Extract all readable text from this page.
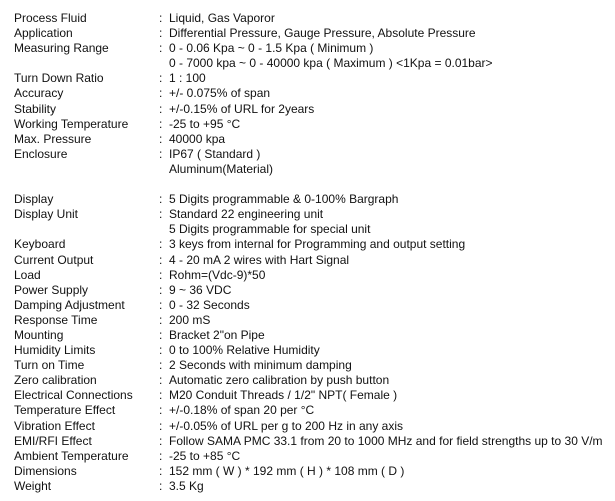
Process Fluid	: Liquid, Gas Vaporor
Application	: Differential Pressure, Gauge Pressure, Absolute Pressure
Measuring Range	: 0 - 0.06 Kpa ~ 0 - 1.5 Kpa ( Minimum )
0 - 7000 kpa ~ 0 - 40000 kpa ( Maximum ) <1Kpa = 0.01bar>
Turn Down Ratio	: 1 : 100
Accuracy	: +/- 0.075% of span
Stability	: +/-0.15% of URL for 2years
Working Temperature	: -25 to +95 °C
Max. Pressure	: 40000 kpa
Enclosure	: IP67 ( Standard )
Aluminum(Material)
Display	: 5 Digits programmable & 0-100% Bargraph
Display Unit	: Standard 22 engineering unit
5 Digits programmable for special unit
Keyboard	: 3 keys from internal for Programming and output setting
Current Output	: 4 - 20 mA 2 wires with Hart Signal
Load	: Rohm=(Vdc-9)*50
Power Supply	: 9 ~ 36 VDC
Damping Adjustment	: 0 - 32 Seconds
Response Time	: 200 mS
Mounting	: Bracket 2"on Pipe
Humidity Limits	: 0 to 100% Relative Humidity
Turn on Time	: 2 Seconds with minimum damping
Zero calibration	: Automatic zero calibration by push button
Electrical Connections : M20 Conduit Threads / 1/2" NPT( Female )
Temperature Effect	: +/-0.18% of span 20 per °C
Vibration Effect	: +/-0.05% of URL per g to 200 Hz in any axis
EMI/RFI Effect	: Follow SAMA PMC 33.1 from 20 to 1000 MHz and for field strengths up to 30 V/m
Ambient Temperature	: -25 to +85 °C
Dimensions	: 152 mm ( W ) * 192 mm ( H ) * 108 mm ( D )
Weight	: 3.5 Kg
